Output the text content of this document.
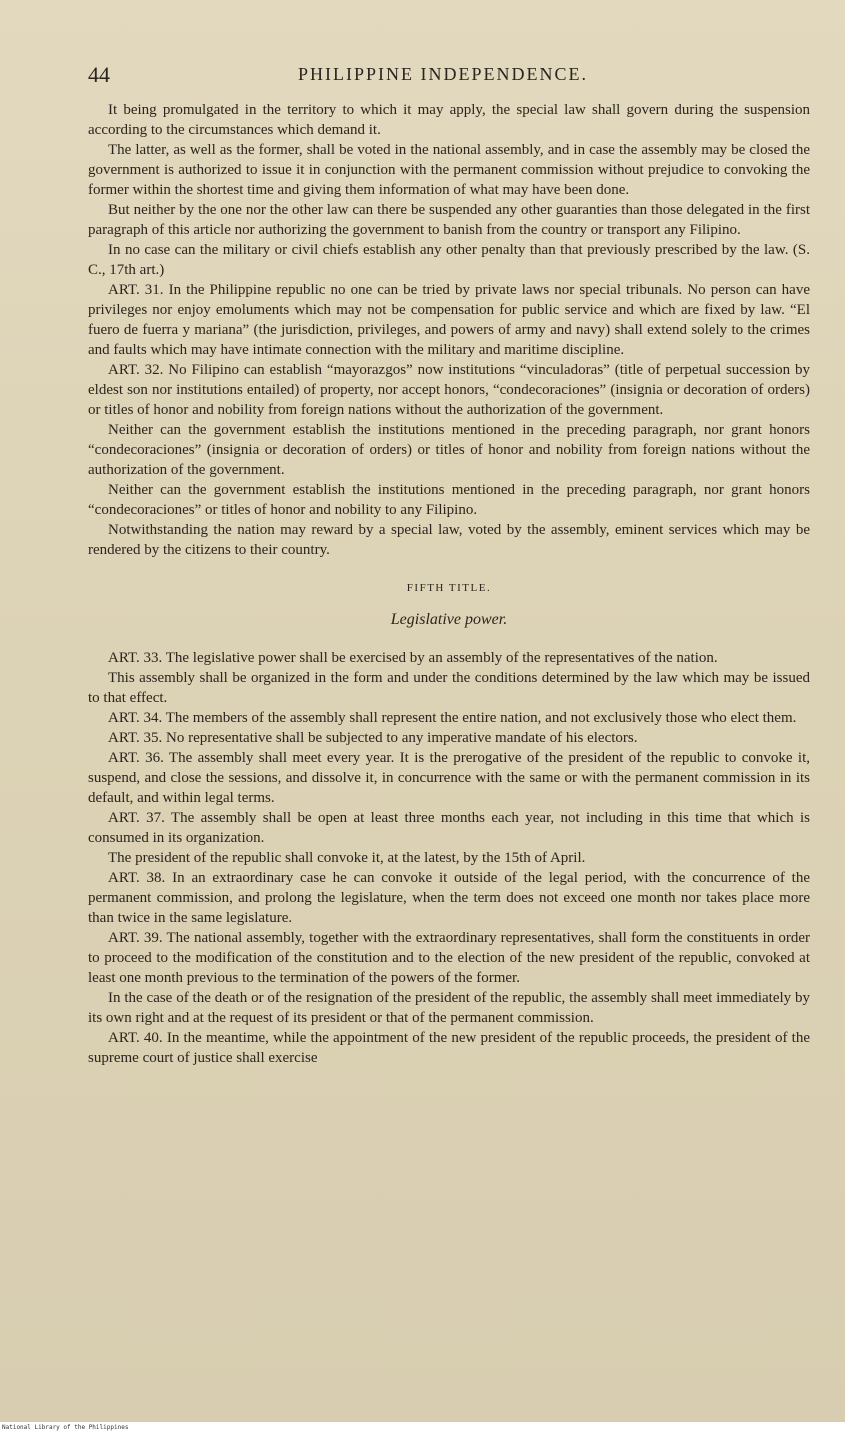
44	PHILIPPINE INDEPENDENCE.

It being promulgated in the territory to which it may apply, the special law shall govern during the suspension according to the circumstances which demand it.

The latter, as well as the former, shall be voted in the national assembly, and in case the assembly may be closed the government is authorized to issue it in conjunction with the permanent commission without prejudice to convoking the former within the shortest time and giving them information of what may have been done.

But neither by the one nor the other law can there be suspended any other guaranties than those delegated in the first paragraph of this article nor authorizing the government to banish from the country or transport any Filipino.

In no case can the military or civil chiefs establish any other penalty than that previously prescribed by the law. (S. C., 17th art.)

ART. 31. In the Philippine republic no one can be tried by private laws nor special tribunals. No person can have privileges nor enjoy emoluments which may not be compensation for public service and which are fixed by law. “El fuero de fuerra y mariana” (the jurisdiction, privileges, and powers of army and navy) shall extend solely to the crimes and faults which may have intimate connection with the military and maritime discipline.

ART. 32. No Filipino can establish “mayorazgos” now institutions “vinculadoras” (title of perpetual succession by eldest son nor institutions entailed) of property, nor accept honors, “condecoraciones” (insignia or decoration of orders) or titles of honor and nobility from foreign nations without the authorization of the government.

Neither can the government establish the institutions mentioned in the preceding paragraph, nor grant honors “condecoraciones” (insignia or decoration of orders) or titles of honor and nobility from foreign nations without the authorization of the government.

Neither can the government establish the institutions mentioned in the preceding paragraph, nor grant honors “condecoraciones” or titles of honor and nobility to any Filipino.

Notwithstanding the nation may reward by a special law, voted by the assembly, eminent services which may be rendered by the citizens to their country.

FIFTH TITLE.
Legislative power.

ART. 33. The legislative power shall be exercised by an assembly of the representatives of the nation.

This assembly shall be organized in the form and under the conditions determined by the law which may be issued to that effect.

ART. 34. The members of the assembly shall represent the entire nation, and not exclusively those who elect them.

ART. 35. No representative shall be subjected to any imperative mandate of his electors.

ART. 36. The assembly shall meet every year. It is the prerogative of the president of the republic to convoke it, suspend, and close the sessions, and dissolve it, in concurrence with the same or with the permanent commission in its default, and within legal terms.

ART. 37. The assembly shall be open at least three months each year, not including in this time that which is consumed in its organization.

The president of the republic shall convoke it, at the latest, by the 15th of April.

ART. 38. In an extraordinary case he can convoke it outside of the legal period, with the concurrence of the permanent commission, and prolong the legislature, when the term does not exceed one month nor takes place more than twice in the same legislature.

ART. 39. The national assembly, together with the extraordinary representatives, shall form the constituents in order to proceed to the modification of the constitution and to the election of the new president of the republic, convoked at least one month previous to the termination of the powers of the former.

In the case of the death or of the resignation of the president of the republic, the assembly shall meet immediately by its own right and at the request of its president or that of the permanent commission.

ART. 40. In the meantime, while the appointment of the new president of the republic proceeds, the president of the supreme court of justice shall exercise

National Library of the Philippines
